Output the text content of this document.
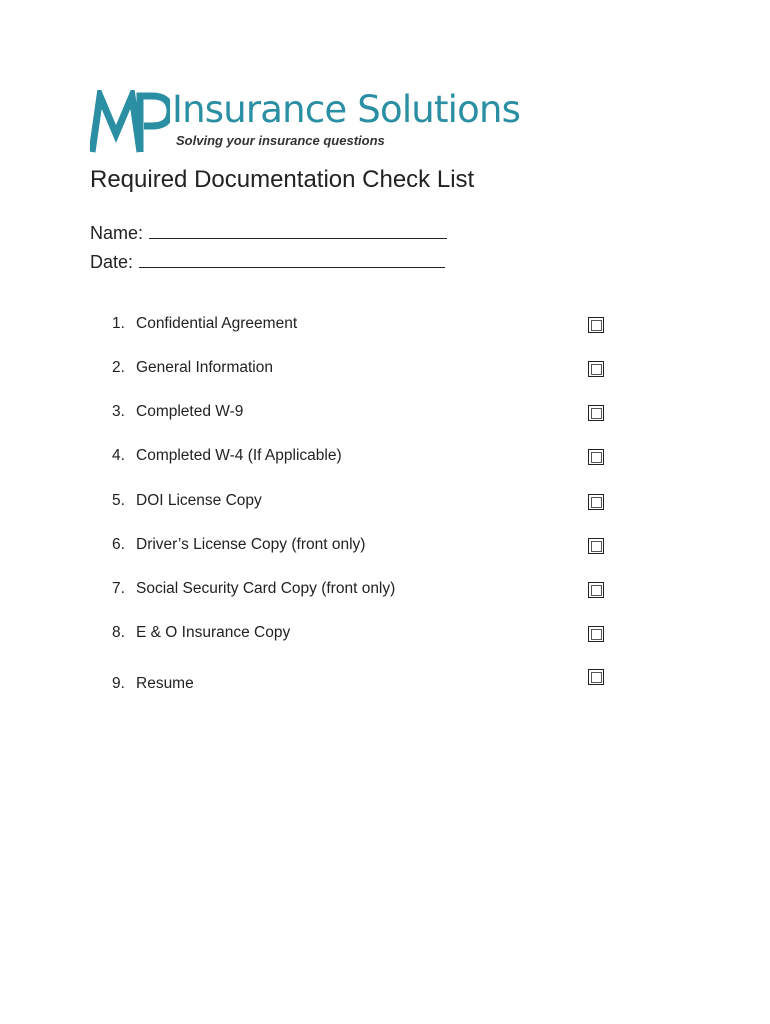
Insurance Solutions
Solving your insurance questions
Required Documentation Check List
Name:
Date:
1. Confidential Agreement
2. General Information
3. Completed W-9
4. Completed W-4 (If Applicable)
5. DOI License Copy
6. Driver’s License Copy (front only)
7. Social Security Card Copy (front only)
8. E & O Insurance Copy
9. Resume
